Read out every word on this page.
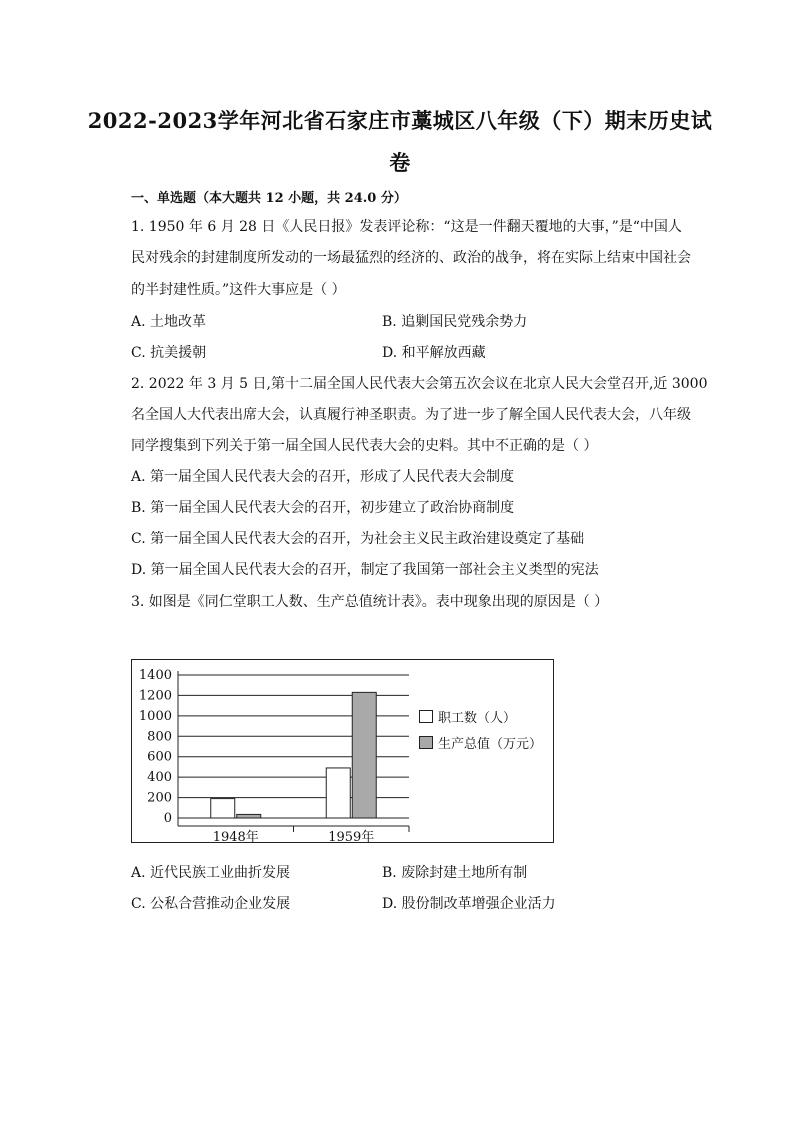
2022-2023学年河北省石家庄市藁城区八年级（下）期末历史试
卷
一、单选题（本大题共 12 小题，共 24.0 分）
1. 1950 年 6 月 28 日《人民日报》发表评论称：“这是一件翻天覆地的大事，”是“中国人
民对残余的封建制度所发动的一场最猛烈的经济的、政治的战争，将在实际上结束中国社会
的半封建性质。”这件大事应是（ ）
A. 土地改革	B. 追剿国民党残余势力
C. 抗美援朝	D. 和平解放西藏
2. 2022 年 3 月 5 日,第十二届全国人民代表大会第五次会议在北京人民大会堂召开,近 3000
名全国人大代表出席大会，认真履行神圣职责。为了进一步了解全国人民代表大会，八年级
同学搜集到下列关于第一届全国人民代表大会的史料。其中不正确的是（ ）
A. 第一届全国人民代表大会的召开，形成了人民代表大会制度
B. 第一届全国人民代表大会的召开，初步建立了政治协商制度
C. 第一届全国人民代表大会的召开，为社会主义民主政治建设奠定了基础
D. 第一届全国人民代表大会的召开，制定了我国第一部社会主义类型的宪法
3. 如图是《同仁堂职工人数、生产总值统计表》。表中现象出现的原因是（ ）
1400
1200
1000
800
600
400
200
0
1948年	1959年
职工数（人）
生产总值（万元）
A. 近代民族工业曲折发展	B. 废除封建土地所有制
C. 公私合营推动企业发展	D. 股份制改革增强企业活力
